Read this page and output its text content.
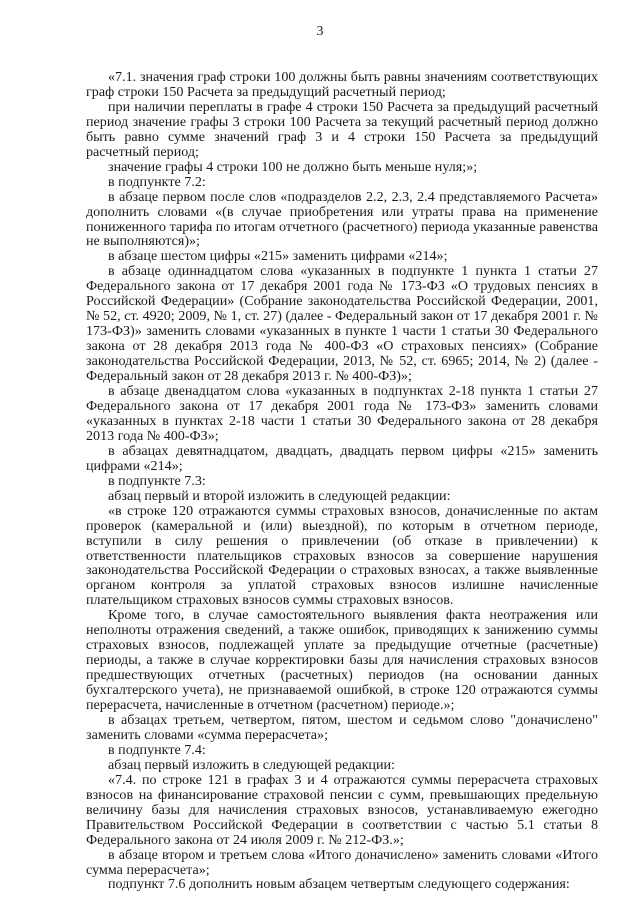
3

«7.1. значения граф строки 100 должны быть равны значениям соответствующих граф строки 150 Расчета за предыдущий расчетный период;

при наличии переплаты в графе 4 строки 150 Расчета за предыдущий расчетный период значение графы 3 строки 100 Расчета за текущий расчетный период должно быть равно сумме значений граф 3 и 4 строки 150 Расчета за предыдущий расчетный период;

значение графы 4 строки 100 не должно быть меньше нуля;»;

в подпункте 7.2:

в абзаце первом после слов «подразделов 2.2, 2.3, 2.4 представляемого Расчета» дополнить словами «(в случае приобретения или утраты права на применение пониженного тарифа по итогам отчетного (расчетного) периода указанные равенства не выполняются)»;

в абзаце шестом цифры «215» заменить цифрами «214»;

в абзаце одиннадцатом слова «указанных в подпункте 1 пункта 1 статьи 27 Федерального закона от 17 декабря 2001 года № 173-ФЗ «О трудовых пенсиях в Российской Федерации» (Собрание законодательства Российской Федерации, 2001, № 52, ст. 4920; 2009, № 1, ст. 27) (далее - Федеральный закон от 17 декабря 2001 г. № 173-ФЗ)» заменить словами «указанных в пункте 1 части 1 статьи 30 Федерального закона от 28 декабря 2013 года № 400-ФЗ «О страховых пенсиях» (Собрание законодательства Российской Федерации, 2013, № 52, ст. 6965; 2014, № 2) (далее - Федеральный закон от 28 декабря 2013 г. № 400-ФЗ)»;

в абзаце двенадцатом слова «указанных в подпунктах 2-18 пункта 1 статьи 27 Федерального закона от 17 декабря 2001 года № 173-ФЗ» заменить словами «указанных в пунктах 2-18 части 1 статьи 30 Федерального закона от 28 декабря 2013 года № 400-ФЗ»;

в абзацах девятнадцатом, двадцать, двадцать первом цифры «215» заменить цифрами «214»;

в подпункте 7.3:

абзац первый и второй изложить в следующей редакции:

«в строке 120 отражаются суммы страховых взносов, доначисленные по актам проверок (камеральной и (или) выездной), по которым в отчетном периоде, вступили в силу решения о привлечении (об отказе в привлечении) к ответственности плательщиков страховых взносов за совершение нарушения законодательства Российской Федерации о страховых взносах, а также выявленные органом контроля за уплатой страховых взносов излишне начисленные плательщиком страховых взносов суммы страховых взносов.

Кроме того, в случае самостоятельного выявления факта неотражения или неполноты отражения сведений, а также ошибок, приводящих к занижению суммы страховых взносов, подлежащей уплате за предыдущие отчетные (расчетные) периоды, а также в случае корректировки базы для начисления страховых взносов предшествующих отчетных (расчетных) периодов (на основании данных бухгалтерского учета), не признаваемой ошибкой, в строке 120 отражаются суммы перерасчета, начисленные в отчетном (расчетном) периоде.»;

в абзацах третьем, четвертом, пятом, шестом и седьмом слово "доначислено" заменить словами «сумма перерасчета»;

в подпункте 7.4:

абзац первый изложить в следующей редакции:

«7.4. по строке 121 в графах 3 и 4 отражаются суммы перерасчета страховых взносов на финансирование страховой пенсии с сумм, превышающих предельную величину базы для начисления страховых взносов, устанавливаемую ежегодно Правительством Российской Федерации в соответствии с частью 5.1 статьи 8 Федерального закона от 24 июля 2009 г. № 212-ФЗ.»;

в абзаце втором и третьем слова «Итого доначислено» заменить словами «Итого сумма перерасчета»;

подпункт 7.6 дополнить новым абзацем четвертым следующего содержания:
